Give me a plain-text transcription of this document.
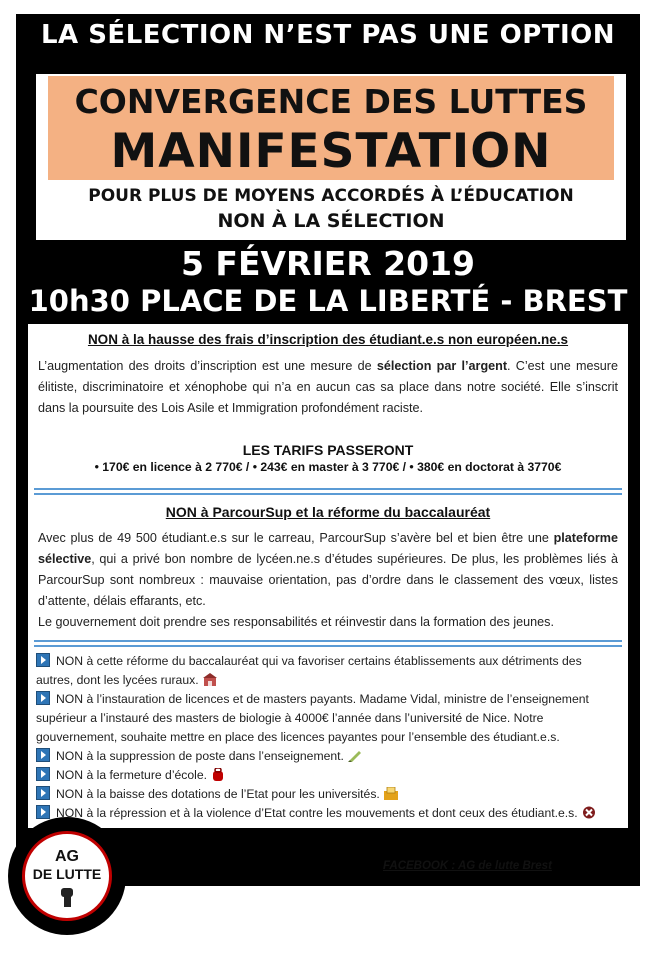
LA SÉLECTION N’EST PAS UNE OPTION
CONVERGENCE DES LUTTES
MANIFESTATION
POUR PLUS DE MOYENS ACCORDÉS À L’ÉDUCATION
NON À LA SÉLECTION
5 FÉVRIER 2019
10h30 PLACE DE LA LIBERTÉ - BREST
NON à la hausse des frais d’inscription des étudiant.e.s non européen.ne.s
L’augmentation des droits d’inscription est une mesure de sélection par l’argent. C’est une mesure élitiste, discriminatoire et xénophobe qui n’a en aucun cas sa place dans notre société. Elle s’inscrit dans la poursuite des Lois Asile et Immigration profondément raciste.
LES TARIFS PASSERONT
• 170€ en licence à 2 770€ / • 243€ en master à 3 770€ / • 380€ en doctorat à 3770€
NON à ParcourSup et la réforme du baccalauréat
Avec plus de 49 500 étudiant.e.s sur le carreau, ParcourSup s’avère bel et bien être une plateforme sélective, qui a privé bon nombre de lycéen.ne.s d’études supérieures. De plus, les problèmes liés à ParcourSup sont nombreux : mauvaise orientation, pas d’ordre dans le classement des vœux, listes d’attente, délais effarants, etc.
Le gouvernement doit prendre ses responsabilités et réinvestir dans la formation des jeunes.

NON à cette réforme du baccalauréat qui va favoriser certains établissements aux détriments des autres, dont les lycées ruraux.

NON à l’instauration de licences et de masters payants. Madame Vidal, ministre de l’enseignement supérieur a l’instauré des masters de biologie à 4000€ l’année dans l’université de Nice. Notre gouvernement, souhaite mettre en place des licences payantes pour l’ensemble des étudiant.e.s.

NON à la suppression de poste dans l’enseignement.

NON à la fermeture d’école.

NON à la baisse des dotations de l’Etat pour les universités.

NON à la répression et à la violence d’Etat contre les mouvements et dont ceux des étudiant.e.s.

FACEBOOK : AG de lutte Brest
AG
DE LUTTE
